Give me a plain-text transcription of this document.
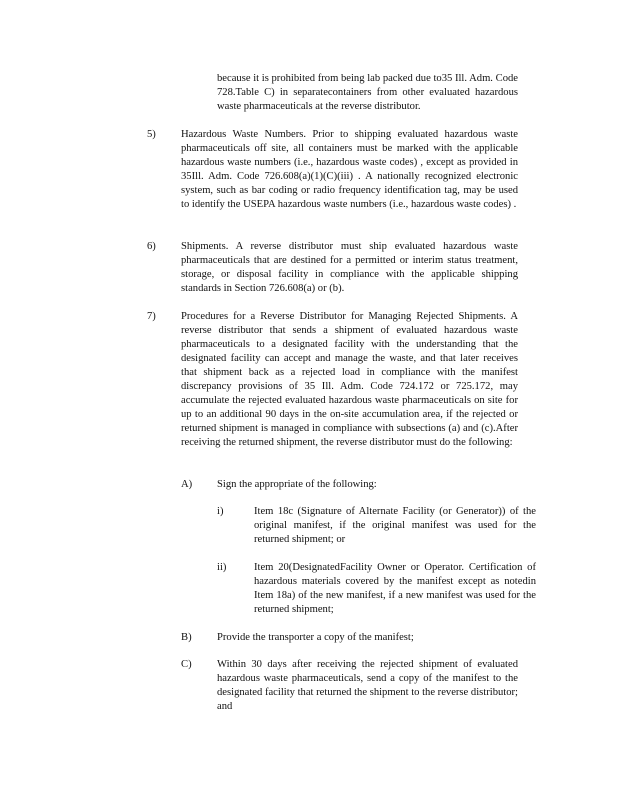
because it is prohibited from being lab packed due to35 Ill. Adm. Code 728.Table C) in separatecontainers from other evaluated hazardous waste pharmaceuticals at the reverse distributor.

5) Hazardous Waste Numbers. Prior to shipping evaluated hazardous waste pharmaceuticals off site, all containers must be marked with the applicable hazardous waste numbers (i.e., hazardous waste codes) , except as provided in 35Ill. Adm. Code 726.608(a)(1)(C)(iii) . A nationally recognized electronic system, such as bar coding or radio frequency identification tag, may be used to identify the USEPA hazardous waste numbers (i.e., hazardous waste codes) .

6) Shipments. A reverse distributor must ship evaluated hazardous waste pharmaceuticals that are destined for a permitted or interim status treatment, storage, or disposal facility in compliance with the applicable shipping standards in Section 726.608(a) or (b).

7) Procedures for a Reverse Distributor for Managing Rejected Shipments. A reverse distributor that sends a shipment of evaluated hazardous waste pharmaceuticals to a designated facility with the understanding that the designated facility can accept and manage the waste, and that later receives that shipment back as a rejected load in compliance with the manifest discrepancy provisions of 35 Ill. Adm. Code 724.172 or 725.172, may accumulate the rejected evaluated hazardous waste pharmaceuticals on site for up to an additional 90 days in the on-site accumulation area, if the rejected or returned shipment is managed in compliance with subsections (a) and (c).After receiving the returned shipment, the reverse distributor must do the following:

A) Sign the appropriate of the following:

i)	Item 18c (Signature of Alternate Facility (or Generator)) of the original manifest, if the original manifest was used for the returned shipment; or

ii)	Item 20(DesignatedFacility Owner or Operator. Certification of hazardous materials covered by the manifest except as notedin Item 18a) of the new manifest, if a new manifest was used for the returned shipment;

B) Provide the transporter a copy of the manifest;

C) Within 30 days after receiving the rejected shipment of evaluated hazardous waste pharmaceuticals, send a copy of the manifest to the designated facility that returned the shipment to the reverse distributor; and
